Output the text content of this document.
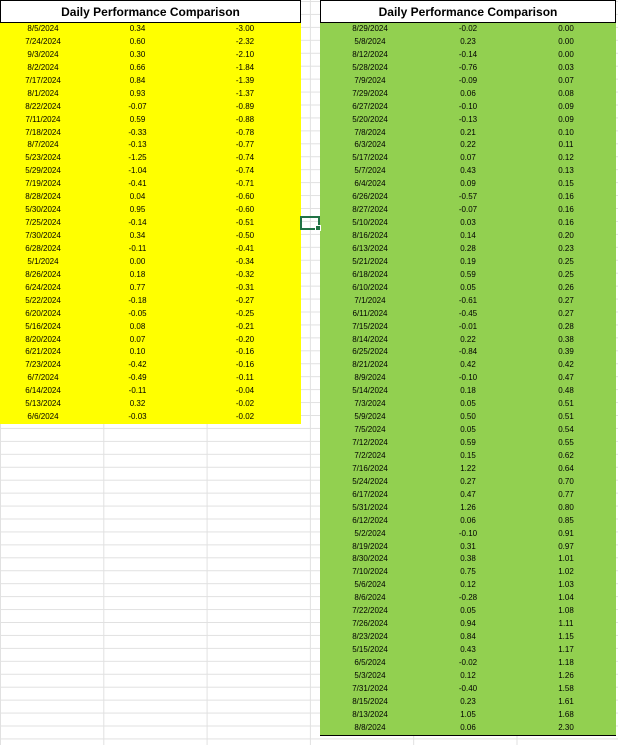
Daily Performance Comparison
8/5/2024	0.34	-3.00
7/24/2024	0.60	-2.32
9/3/2024	0.30	-2.10
8/2/2024	0.66	-1.84
7/17/2024	0.84	-1.39
8/1/2024	0.93	-1.37
8/22/2024	-0.07	-0.89
7/11/2024	0.59	-0.88
7/18/2024	-0.33	-0.78
8/7/2024	-0.13	-0.77
5/23/2024	-1.25	-0.74
5/29/2024	-1.04	-0.74
7/19/2024	-0.41	-0.71
8/28/2024	0.04	-0.60
5/30/2024	0.95	-0.60
7/25/2024	-0.14	-0.51
7/30/2024	0.34	-0.50
6/28/2024	-0.11	-0.41
5/1/2024	0.00	-0.34
8/26/2024	0.18	-0.32
6/24/2024	0.77	-0.31
5/22/2024	-0.18	-0.27
6/20/2024	-0.05	-0.25
5/16/2024	0.08	-0.21
8/20/2024	0.07	-0.20
6/21/2024	0.10	-0.16
7/23/2024	-0.42	-0.16
6/7/2024	-0.49	-0.11
6/14/2024	-0.11	-0.04
5/13/2024	0.32	-0.02
6/6/2024	-0.03	-0.02
Daily Performance Comparison
8/29/2024	-0.02	0.00
5/8/2024	0.23	0.00
8/12/2024	-0.14	0.00
5/28/2024	-0.76	0.03
7/9/2024	-0.09	0.07
7/29/2024	0.06	0.08
6/27/2024	-0.10	0.09
5/20/2024	-0.13	0.09
7/8/2024	0.21	0.10
6/3/2024	0.22	0.11
5/17/2024	0.07	0.12
5/7/2024	0.43	0.13
6/4/2024	0.09	0.15
6/26/2024	-0.57	0.16
8/27/2024	-0.07	0.16
5/10/2024	0.03	0.16
8/16/2024	0.14	0.20
6/13/2024	0.28	0.23
5/21/2024	0.19	0.25
6/18/2024	0.59	0.25
6/10/2024	0.05	0.26
7/1/2024	-0.61	0.27
6/11/2024	-0.45	0.27
7/15/2024	-0.01	0.28
8/14/2024	0.22	0.38
6/25/2024	-0.84	0.39
8/21/2024	0.42	0.42
8/9/2024	-0.10	0.47
5/14/2024	0.18	0.48
7/3/2024	0.05	0.51
5/9/2024	0.50	0.51
7/5/2024	0.05	0.54
7/12/2024	0.59	0.55
7/2/2024	0.15	0.62
7/16/2024	1.22	0.64
5/24/2024	0.27	0.70
6/17/2024	0.47	0.77
5/31/2024	1.26	0.80
6/12/2024	0.06	0.85
5/2/2024	-0.10	0.91
8/19/2024	0.31	0.97
8/30/2024	0.38	1.01
7/10/2024	0.75	1.02
5/6/2024	0.12	1.03
8/6/2024	-0.28	1.04
7/22/2024	0.05	1.08
7/26/2024	0.94	1.11
8/23/2024	0.84	1.15
5/15/2024	0.43	1.17
6/5/2024	-0.02	1.18
5/3/2024	0.12	1.26
7/31/2024	-0.40	1.58
8/15/2024	0.23	1.61
8/13/2024	1.05	1.68
8/8/2024	0.06	2.30
